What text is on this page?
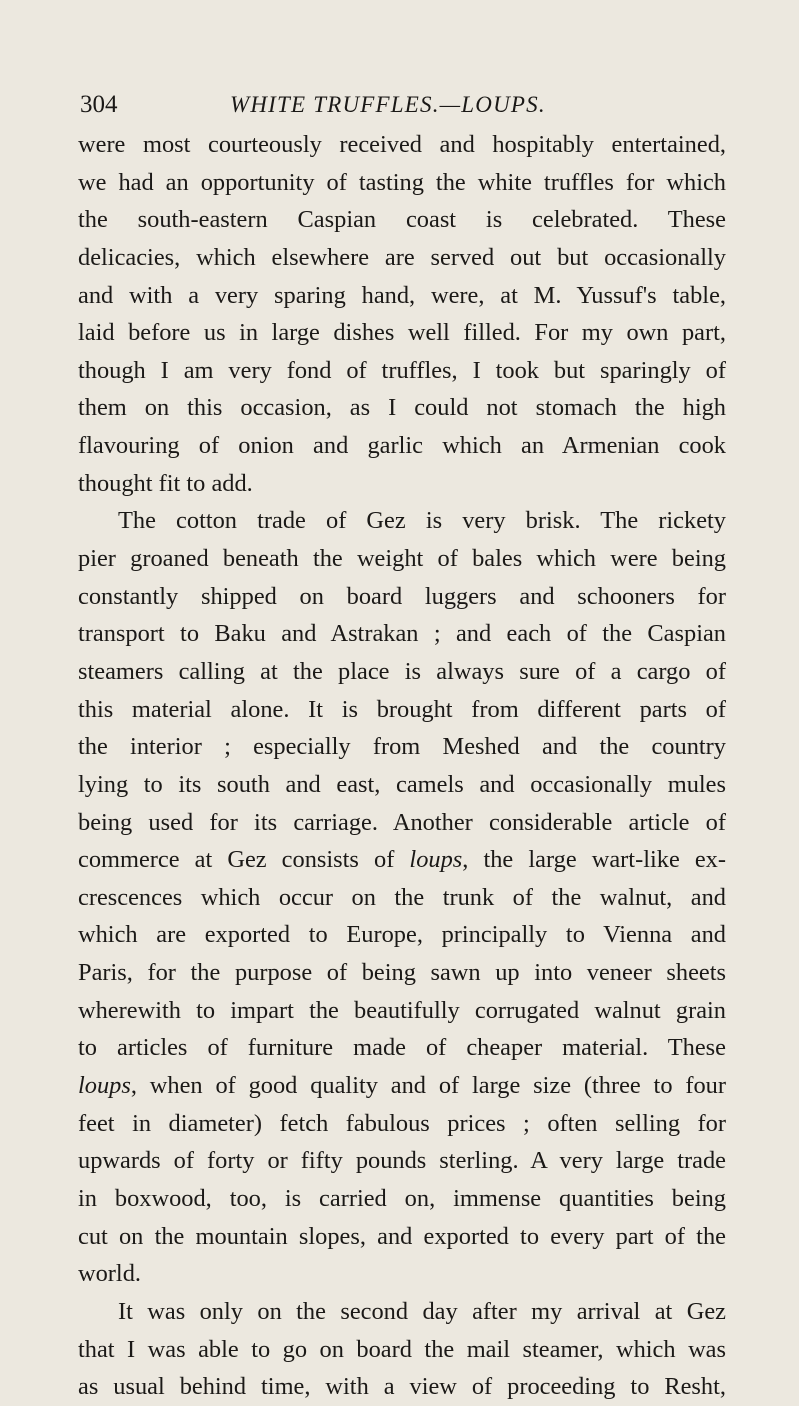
304	WHITE TRUFFLES.—LOUPS.
were most courteously received and hospitably entertained,
we had an opportunity of tasting the white truffles for which
the south-eastern Caspian coast is celebrated. These
delicacies, which elsewhere are served out but occasionally
and with a very sparing hand, were, at M. Yussuf's table,
laid before us in large dishes well filled. For my own part,
though I am very fond of truffles, I took but sparingly of
them on this occasion, as I could not stomach the high
flavouring of onion and garlic which an Armenian cook
thought fit to add.
The cotton trade of Gez is very brisk. The rickety
pier groaned beneath the weight of bales which were being
constantly shipped on board luggers and schooners for
transport to Baku and Astrakan ; and each of the Caspian
steamers calling at the place is always sure of a cargo of
this material alone. It is brought from different parts of
the interior ; especially from Meshed and the country
lying to its south and east, camels and occasionally mules
being used for its carriage. Another considerable article of
commerce at Gez consists of loups, the large wart-like ex-
crescences which occur on the trunk of the walnut, and
which are exported to Europe, principally to Vienna and
Paris, for the purpose of being sawn up into veneer sheets
wherewith to impart the beautifully corrugated walnut grain
to articles of furniture made of cheaper material. These
loups, when of good quality and of large size (three to four
feet in diameter) fetch fabulous prices ; often selling for
upwards of forty or fifty pounds sterling. A very large trade
in boxwood, too, is carried on, immense quantities being
cut on the mountain slopes, and exported to every part of the
world.
It was only on the second day after my arrival at Gez
that I was able to go on board the mail steamer, which was
as usual behind time, with a view of proceeding to Resht,
